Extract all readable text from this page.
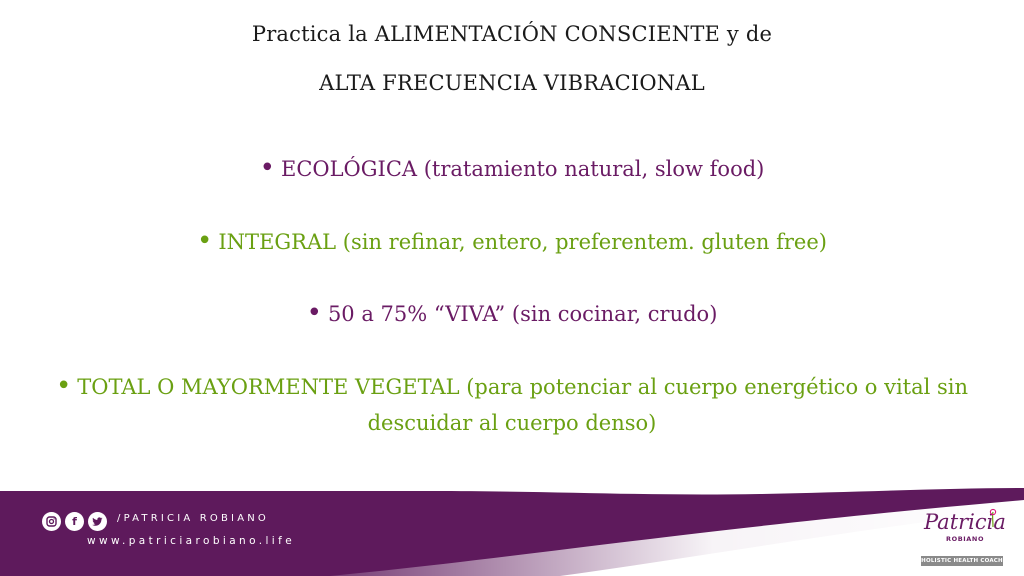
Practica la ALIMENTACIÓN CONSCIENTE y de
ALTA FRECUENCIA VIBRACIONAL
• ECOLÓGICA (tratamiento natural, slow food)
• INTEGRAL (sin refinar, entero, preferentem. gluten free)
• 50 a 75% “VIVA” (sin cocinar, crudo)
• TOTAL O MAYORMENTE VEGETAL (para potenciar al cuerpo energético o vital sin descuidar al cuerpo denso)
f	/PATRICIA ROBIANO
www.patriciarobiano.life
Patricia
ROBIANO
HOLISTIC HEALTH COACH
